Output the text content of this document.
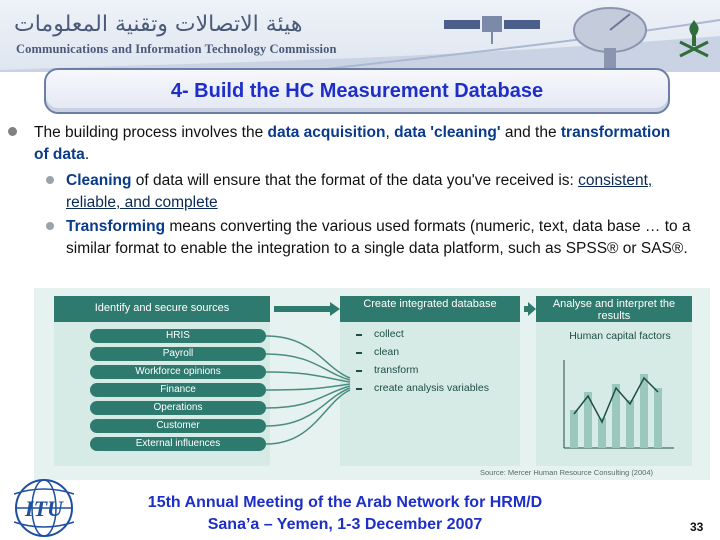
هيئة الاتصالات وتقنية المعلومات
Communications and Information Technology Commission
4- Build the HC Measurement Database
The building process involves the data acquisition, data 'cleaning' and the transformation of data.
Cleaning of data will ensure that the format of the data you've received is: consistent, reliable, and complete
Transforming means converting the various used formats (numeric, text, data base … to a similar format to enable the integration to a single data platform, such as SPSS® or SAS®.
Identify and secure sources	Create integrated database	Analyse and interpret the results
HRIS
Payroll
Workforce opinions
Finance
Operations
Customer
External influences
collect
clean
transform
create analysis variables
Human capital factors
Source: Mercer Human Resource Consulting (2004)
ITU	15th Annual Meeting of the Arab Network for HRM/D
Sana’a – Yemen, 1-3 December 2007	33
